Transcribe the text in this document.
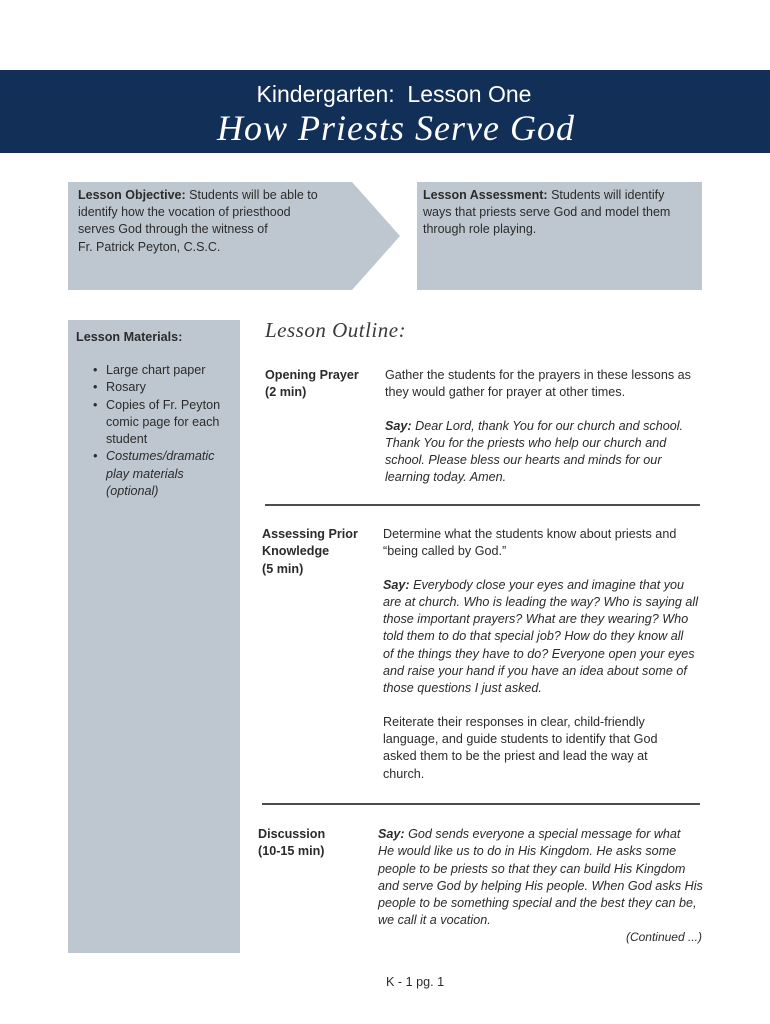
Kindergarten:  Lesson One
How Priests Serve God
Lesson Objective: Students will be able to
identify how the vocation of priesthood
serves God through the witness of
Fr. Patrick Peyton, C.S.C.
Lesson Assessment: Students will identify
ways that priests serve God and model them
through role playing.
Lesson Materials:
• Large chart paper
• Rosary
• Copies of Fr. Peyton comic page for each student
• Costumes/dramatic play materials (optional)
Lesson Outline:
Opening Prayer
(2 min)

Gather the students for the prayers in these lessons as
they would gather for prayer at other times.

Say: Dear Lord, thank You for our church and school.
Thank You for the priests who help our church and
school. Please bless our hearts and minds for our
learning today. Amen.

Assessing Prior Knowledge
(5 min)

Determine what the students know about priests and
“being called by God.”

Say: Everybody close your eyes and imagine that you
are at church. Who is leading the way? Who is saying all
those important prayers? What are they wearing? Who
told them to do that special job? How do they know all
of the things they have to do? Everyone open your eyes
and raise your hand if you have an idea about some of
those questions I just asked.

Reiterate their responses in clear, child-friendly
language, and guide students to identify that God
asked them to be the priest and lead the way at
church.

Discussion
(10-15 min)

Say: God sends everyone a special message for what
He would like us to do in His Kingdom. He asks some
people to be priests so that they can build His Kingdom
and serve God by helping His people. When God asks His
people to be something special and the best they can be,
we call it a vocation.

(Continued ...)
K - 1 pg. 1
